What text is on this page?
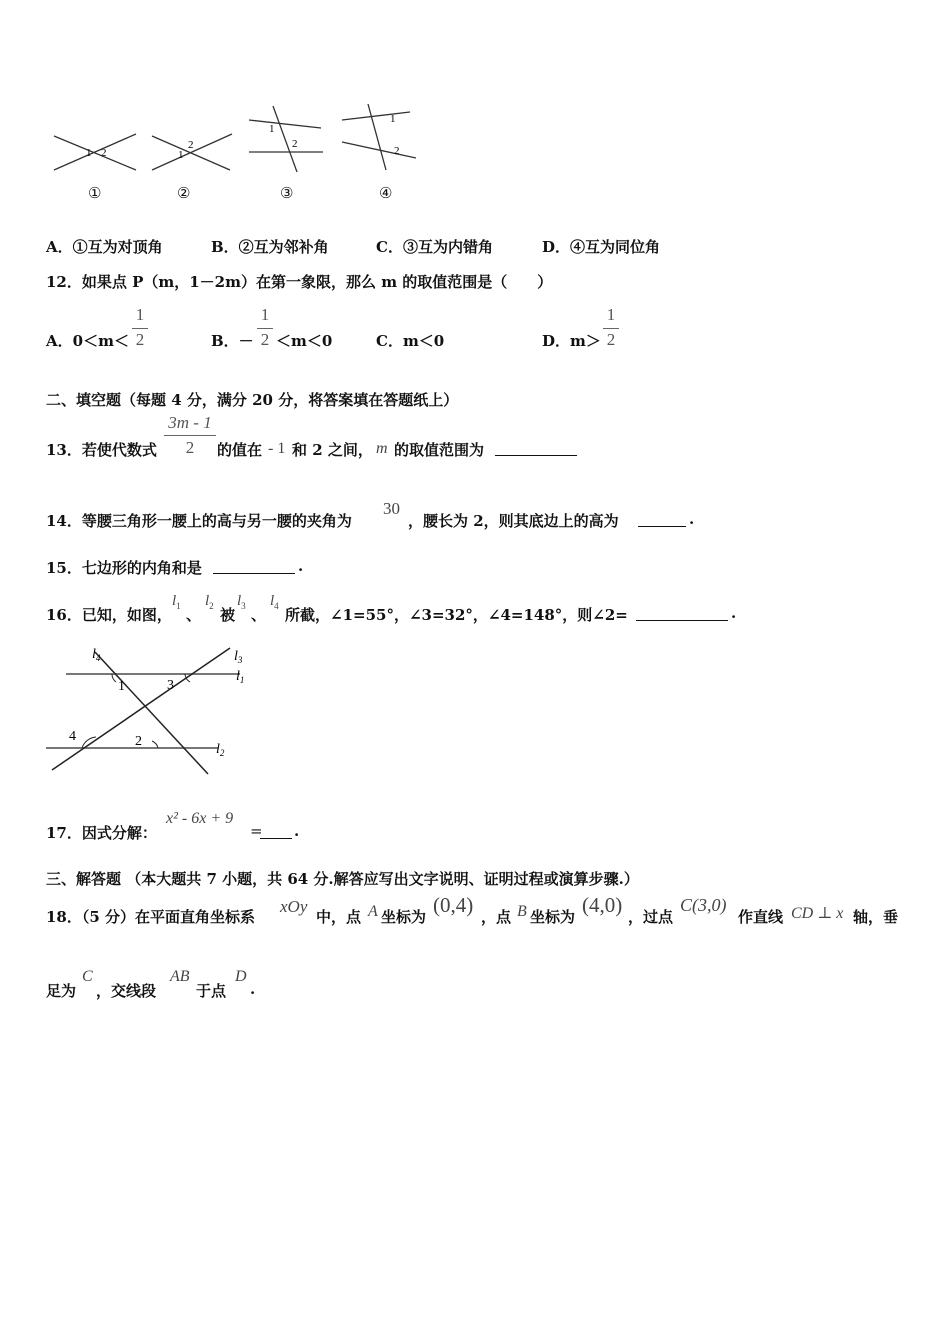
1 2	1
2
1
2
1
2
①	②	③	④
A．①互为对顶角	B．②互为邻补角	C．③互为内错角	D．④互为同位角
12．如果点 P（m，1－2m）在第一象限，那么 m 的取值范围是（　　）
A．0＜m＜
1
2	B．－
1
2 ＜m＜0	C．m＜0	D．m＞
1
2
二、填空题（每题 4 分，满分 20 分，将答案填在答题纸上）
13．若使代数式
3m - 1
2	的值在 - 1 和 2 之间， m 的取值范围为
14．等腰三角形一腰上的高与另一腰的夹角为
30
，腰长为 2，则其底边上的高为	.
15．七边形的内角和是	.
16．已知，如图，
$l_1$ 、
$l_2$ 被
$l_3$ 、
$l_4$ 所截，∠1=55°，∠3=32°，∠4=148°，则∠2=	.
1	3
4	2
$l_4$	$l_3$
$l_1$
$l_2$
17．因式分解：
x² - 6x + 9
= .
三、解答题 （本大题共 7 小题，共 64 分.解答应写出文字说明、证明过程或演算步骤.）
18．（5 分）在平面直角坐标系
xOy
中，点 A 坐标为 (0,4) ，点 B 坐标为 (4,0) ，过点
C(3,0)
作直线 CD ⊥ x 轴，垂
足为
C
，交线段
AB
于点
D
.
